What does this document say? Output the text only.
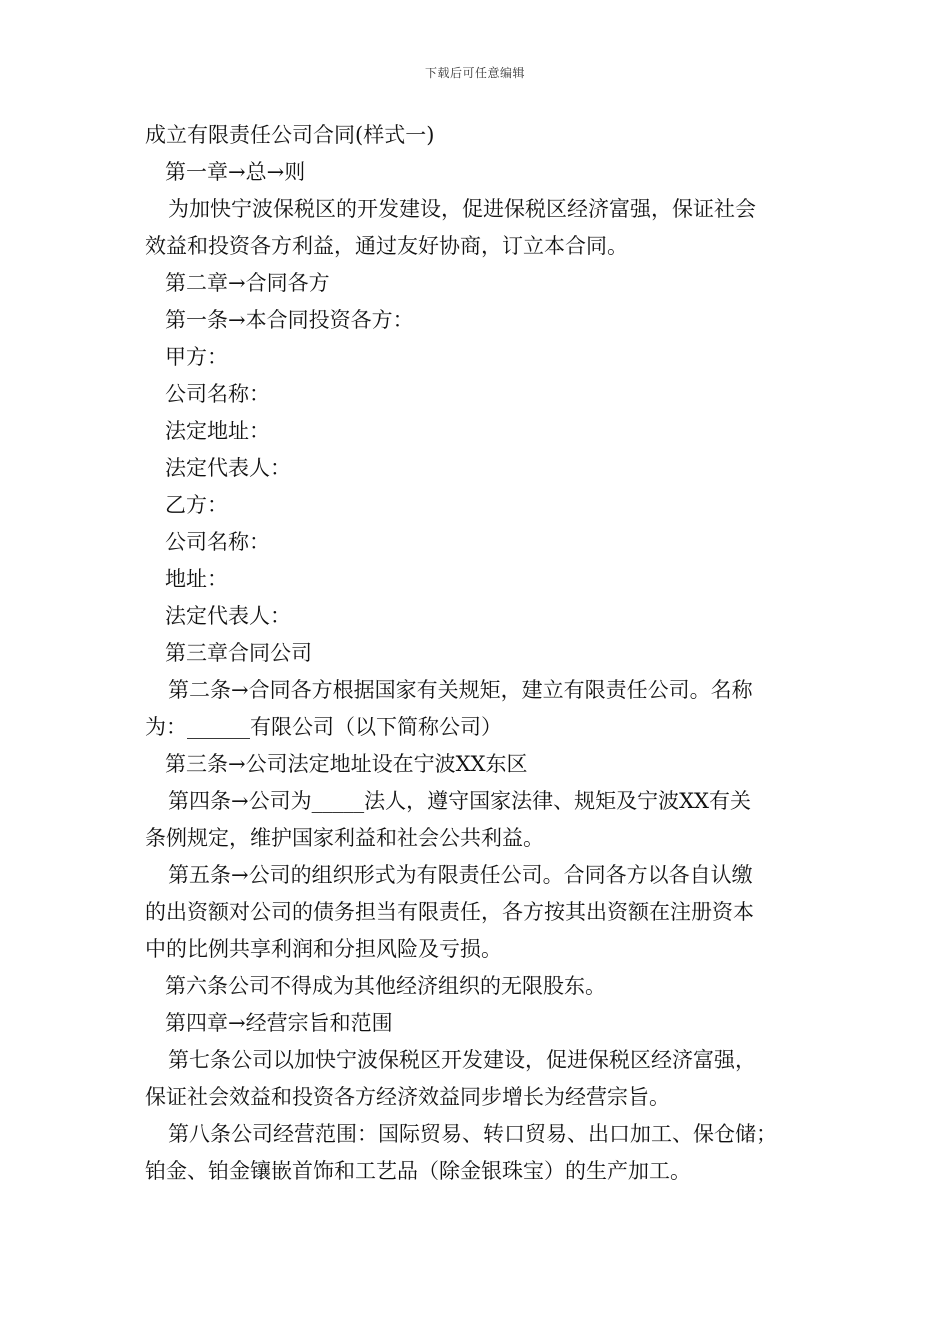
下载后可任意编辑
成立有限责任公司合同(样式一)
第一章→总→则
为加快宁波保税区的开发建设，促进保税区经济富强，保证社会
效益和投资各方利益，通过友好协商，订立本合同。
第二章→合同各方
第一条→本合同投资各方：
甲方：
公司名称：
法定地址：
法定代表人：
乙方：
公司名称：
地址：
法定代表人：
第三章合同公司
第二条→合同各方根据国家有关规矩，建立有限责任公司。名称
为：______有限公司（以下简称公司）
第三条→公司法定地址设在宁波XX东区
第四条→公司为_____法人，遵守国家法律、规矩及宁波XX有关
条例规定，维护国家利益和社会公共利益。
第五条→公司的组织形式为有限责任公司。合同各方以各自认缴
的出资额对公司的债务担当有限责任，各方按其出资额在注册资本
中的比例共享利润和分担风险及亏损。
第六条公司不得成为其他经济组织的无限股东。
第四章→经营宗旨和范围
第七条公司以加快宁波保税区开发建设，促进保税区经济富强，
保证社会效益和投资各方经济效益同步增长为经营宗旨。
第八条公司经营范围：国际贸易、转口贸易、出口加工、保仓储；
铂金、铂金镶嵌首饰和工艺品（除金银珠宝）的生产加工。
